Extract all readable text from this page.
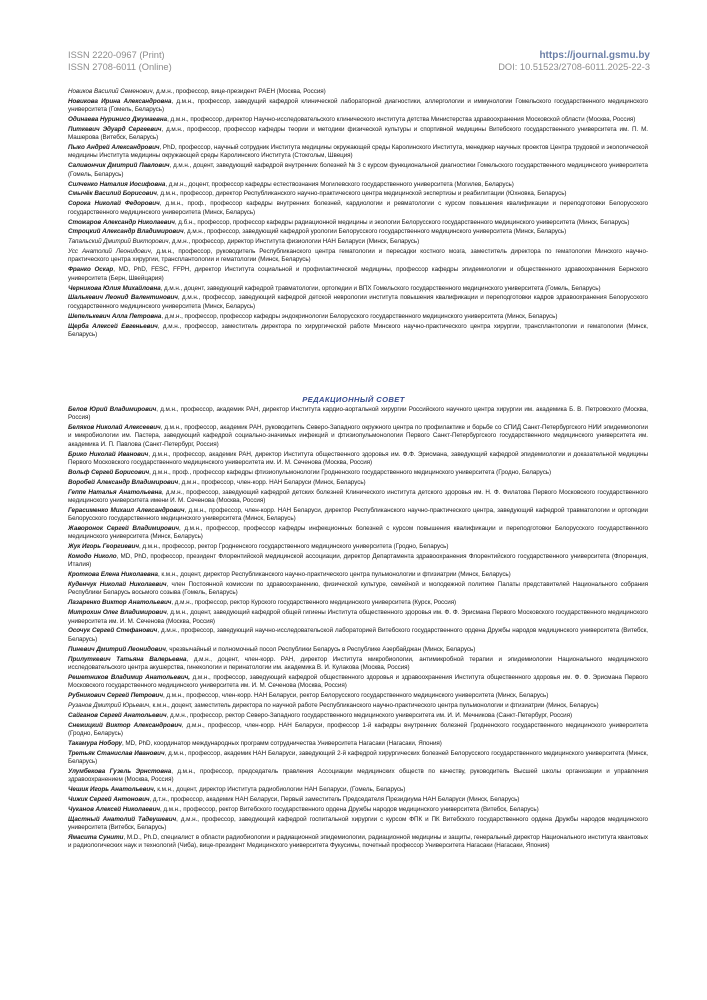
ISSN 2220-0967 (Print)
ISSN 2708-6011 (Online)
https://journal.gsmu.by
DOI: 10.51523/2708-6011.2025-22-3

Новиков Василий Семенович, д.м.н., профессор, вице-президент РАЕН (Москва, Россия)

Новикова Ирина Александровна, д.м.н., профессор, заведущий кафедрой клинической лабораторной диагностики, аллергологии и иммунологии Гомельского государственного медицинского университета (Гомель, Беларусь)

Одинаева Нуринисо Джумаевна, д.м.н., профессор, директор Научно-исследовательского клинического института детства Министерства здравоохранения Московской области (Москва, Россия)

Питкевич Эдуард Сергеевич, д.м.н., профессор, профессор кафедры теории и методики физической культуры и спортивной медицины Витебского государственного университета им. П. М. Машерова (Витебск, Беларусь)

Пыко Андрей Александрович, PhD, профессор, научный сотрудник Института медицины окружающей среды Каролинского Института, менеджер научных проектов Центра трудовой и экологической медицины Института медицины окружающей среды Каролинского Института (Стокгольм, Швеция)

Саливончик Дмитрий Павлович, д.м.н., доцент, заведующий кафедрой внутренних болезней № 3 с курсом функциональной диагностики Гомельского государственного медицинского университета (Гомель, Беларусь)

Силченко Наталия Иосифовна, д.м.н., доцент, профессор кафедры естествознания Могилевского государственного университета (Могилев, Беларусь)

Смычёк Василий Борисович, д.м.н., профессор, директор Республиканского научно-практического центра медицинской экспертизы и реабилитации (Юхновка, Беларусь)

Сорока Николай Федорович, д.м.н., проф., профессор кафедры внутренних болезней, кардиологии и ревматологии с курсом повышения квалификации и переподготовки Белорусского государственного медицинского университета (Минск, Беларусь)

Стожаров Александр Николаевич, д.б.н., профессор, профессор кафедры радиационной медицины и экологии Белорусского государственного медицинского университета (Минск, Беларусь)

Строцкий Александр Владимирович, д.м.н., профессор, заведующий кафедрой урологии Белорусского государственного медицинского университета (Минск, Беларусь)

Тапальский Дмитрий Викторович, д.м.н., профессор, директор Института физиологии НАН Беларуси (Минск, Беларусь)

Усс Анатолий Леонидович, д.м.н., профессор, руководитель Республиканского центра гематологии и пересадки костного мозга, заместитель директора по гематологии Минского научно-практического центра хирургии, трансплантологии и гематологии (Минск, Беларусь)

Франко Оскар, MD, PhD, FESC, FFPH, директор Института социальной и профилактической медицины, профессор кафедры эпидемиологии и общественного здравоохранения Бернского университета (Берн, Швейцария)

Черникова Юлия Михайловна, д.м.н., доцент, заведующий кафедрой травматологии, ортопедии и ВПХ Гомельского государственного медицинского университета (Гомель, Беларусь)

Шалькевич Леонид Валентинович, д.м.н., профессор, заведующий кафедрой детской неврологии института повышения квалификации и переподготовки кадров здравоохранения Белорусского государственного медицинского университета (Минск, Беларусь)

Шепелькевич Алла Петровна, д.м.н., профессор, профессор кафедры эндокринологии Белорусского государственного медицинского университета (Минск, Беларусь)

Щерба Алексей Евгеньевич, д.м.н., профессор, заместитель директора по хирургической работе Минского научно-практического центра хирургии, трансплантологии и гематологии (Минск, Беларусь)

РЕДАКЦИОННЫЙ СОВЕТ

Белов Юрий Владимирович, д.м.н., профессор, академик РАН, директор Института кардио-аортальной хирургии Российского научного центра хирургии им. академика Б. В. Петровского (Москва, Россия)

Беляков Николай Алексеевич, д.м.н., профессор, академик РАН, руководитель Северо-Западного окружного центра по профилактике и борьбе со СПИД Санкт-Петербургского НИИ эпидемиологии и микробиологии им. Пастера, заведующий кафедрой социально-значимых инфекций и фтизиопульмонологии Первого Санкт-Петербургского государственного медицинского университета им. академика И. П. Павлова (Санкт-Петербург, Россия)

Брико Николай Иванович, д.м.н., профессор, академик РАН, директор Института общественного здоровья им. Ф.Ф. Эрисмана, заведующий кафедрой эпидемиологии и доказательной медицины Первого Московского государственного медицинского университета им. И. М. Сеченова (Москва, Россия)

Вольф Сергей Борисович, д.м.н., проф., профессор кафедры фтизиопульмонологии Гродненского государственного медицинского университета (Гродно, Беларусь)

Воробей Александр Владимирович, д.м.н., профессор, член-корр. НАН Беларуси (Минск, Беларусь)

Геппе Наталья Анатольевна, д.м.н., профессор, заведующий кафедрой детских болезней Клинического института детского здоровья им. Н. Ф. Филатова Первого Московского государственного медицинского университета имени И. М. Сеченова (Москва, Россия)

Герасименко Михаил Александрович, д.м.н., профессор, член-корр. НАН Беларуси, директор Республиканского научно-практического центра, заведующий кафедрой травматологии и ортопедии Белорусского государственного медицинского университета (Минск, Беларусь)

Жаворонок Сергей Владимирович, д.м.н., профессор, профессор кафедры инфекционных болезней с курсом повышения квалификации и переподготовки Белорусского государственного медицинского университета (Минск, Беларусь)

Жук Игорь Георгиевич, д.м.н., профессор, ректор Гродненского государственного медицинского университета (Гродно, Беларусь)

Комодо Николо, MD, PhD, профессор, президент Флорентийской медицинской ассоциации, директор Департамента здравоохранения Флорентийского государственного университета (Флоренция, Италия)

Кроткова Елена Николаевна, к.м.н., доцент, директор Республиканского научно-практического центра пульмонологии и фтизиатрии (Минск, Беларусь)

Куденчук Николай Николаевич, член Постоянной комиссии по здравоохранению, физической культуре, семейной и молодежной политике Палаты представителей Национального собрания Республики Беларусь восьмого созыва (Гомель, Беларусь)

Лазаренко Виктор Анатольевич, д.м.н., профессор, ректор Курского государственного медицинского университета (Курск, Россия)

Митрохин Олег Владимирович, д.м.н., доцент, заведующий кафедрой общей гигиены Института общественного здоровья им. Ф. Ф. Эрисмана Первого Московского государственного медицинского университета им. И. М. Сеченова (Москва, Россия)

Осочук Сергей Стефанович, д.м.н., профессор, заведующий научно-исследовательской лабораторией Витебского государственного ордена Дружбы народов медицинского университета (Витебск, Беларусь)

Пиневич Дмитрий Леонидович, чрезвычайный и полномочный посол Республики Беларусь в Республике Азербайджан (Минск, Беларусь)

Прилуткевич Татьяна Валерьевна, д.м.н., доцент, член-корр. РАН, директор Института микробиологии, антимикробной терапии и эпидемиологии Национального медицинского исследовательского центра акушерства, гинекологии и перинатологии им. академика В. И. Кулакова (Москва, Россия)

Решетников Владимир Анатольевич, д.м.н., профессор, заведующий кафедрой общественного здоровья и здравоохранения Института общественного здоровья им. Ф. Ф. Эрисмана Первого Московского государственного медицинского университета им. И. М. Сеченова (Москва, Россия)

Рубникович Сергей Петрович, д.м.н., профессор, член-корр. НАН Беларуси, ректор Белорусского государственного медицинского университета (Минск, Беларусь)

Рузанов Дмитрий Юрьевич, к.м.н., доцент, заместитель директора по научной работе Республиканского научно-практического центра пульмонологии и фтизиатрии (Минск, Беларусь)

Сайганов Сергей Анатольевич, д.м.н., профессор, ректор Северо-Западного государственного медицинского университета им. И. И. Мечникова (Санкт-Петербург, Россия)

Снежицкий Виктор Александрович, д.м.н., профессор, член-корр. НАН Беларуси, профессор 1-й кафедры внутренних болезней Гродненского государственного медицинского университета (Гродно, Беларусь)

Такамура Нобору, MD, PhD, координатор международных программ сотрудничества Университета Нагасаки (Нагасаки, Япония)

Третьяк Станислав Иванович, д.м.н., профессор, академик НАН Беларуси, заведующий 2-й кафедрой хирургических болезней Белорусского государственного медицинского университета (Минск, Беларусь)

Улумбекова Гузель Эрнстовна, д.м.н., профессор, председатель правления Ассоциации медицинских обществ по качеству, руководитель Высшей школы организации и управления здравоохранением (Москва, Россия)

Чешик Игорь Анатольевич, к.м.н., доцент, директор Института радиобиологии НАН Беларуси, (Гомель, Беларусь)

Чижик Сергей Антонович, д.т.н., профессор, академик НАН Беларуси, Первый заместитель Председателя Президиума НАН Беларуси (Минск, Беларусь)

Чуканов Алексей Николаевич, д.м.н., профессор, ректор Витебского государственного ордена Дружбы народов медицинского университета (Витебск, Беларусь)

Щастный Анатолий Тадеушевич, д.м.н., профессор, заведующий кафедрой госпитальной хирургии с курсом ФПК и ПК Витебского государственного ордена Дружбы народов медицинского университета (Витебск, Беларусь)

Ямасита Сунити, M.D., Ph.D, специалист в области радиобиологии и радиационной эпидемиологии, радиационной медицины и защиты, генеральный директор Национального института квантовых и радиологических наук и технологий (Чиба), вице-президент Медицинского университета Фукусимы, почетный профессор Университета Нагасаки (Нагасаки, Япония)
